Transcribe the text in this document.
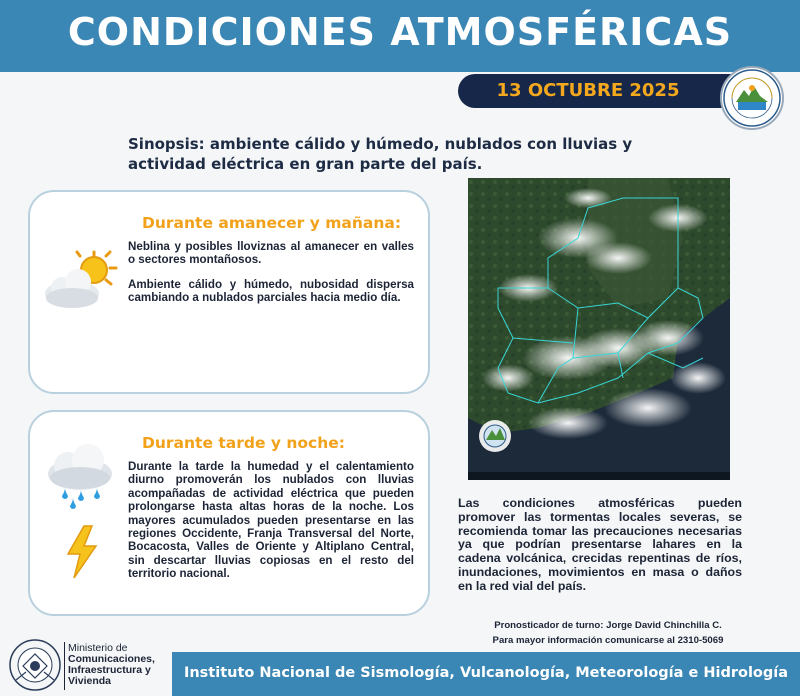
CONDICIONES ATMOSFÉRICAS
13 OCTUBRE 2025
Sinopsis: ambiente cálido y húmedo, nublados con lluvias y actividad eléctrica en gran parte del país.
Durante amanecer y mañana:
Neblina y posibles lloviznas al amanecer en valles o sectores montañosos.
Ambiente cálido y húmedo, nubosidad dispersa cambiando a nublados parciales hacia medio día.
Durante tarde y noche:
Durante la tarde la humedad y el calentamiento diurno promoverán los nublados con lluvias acompañadas de actividad eléctrica que pueden prolongarse hasta altas horas de la noche. Los mayores acumulados pueden presentarse en las regiones Occidente, Franja Transversal del Norte, Bocacosta, Valles de Oriente y Altiplano Central, sin descartar lluvias copiosas en el resto del territorio nacional.
Las condiciones atmosféricas pueden promover las tormentas locales severas, se recomienda tomar las precauciones necesarias ya que podrían presentarse lahares en la cadena volcánica, crecidas repentinas de ríos, inundaciones, movimientos en masa o daños en la red vial del país.
Pronosticador de turno: Jorge David Chinchilla C.
Para mayor información comunicarse al 2310-5069
Ministerio de
Comunicaciones,
Infraestructura y
Vivienda	Instituto Nacional de Sismología, Vulcanología, Meteorología e Hidrología
